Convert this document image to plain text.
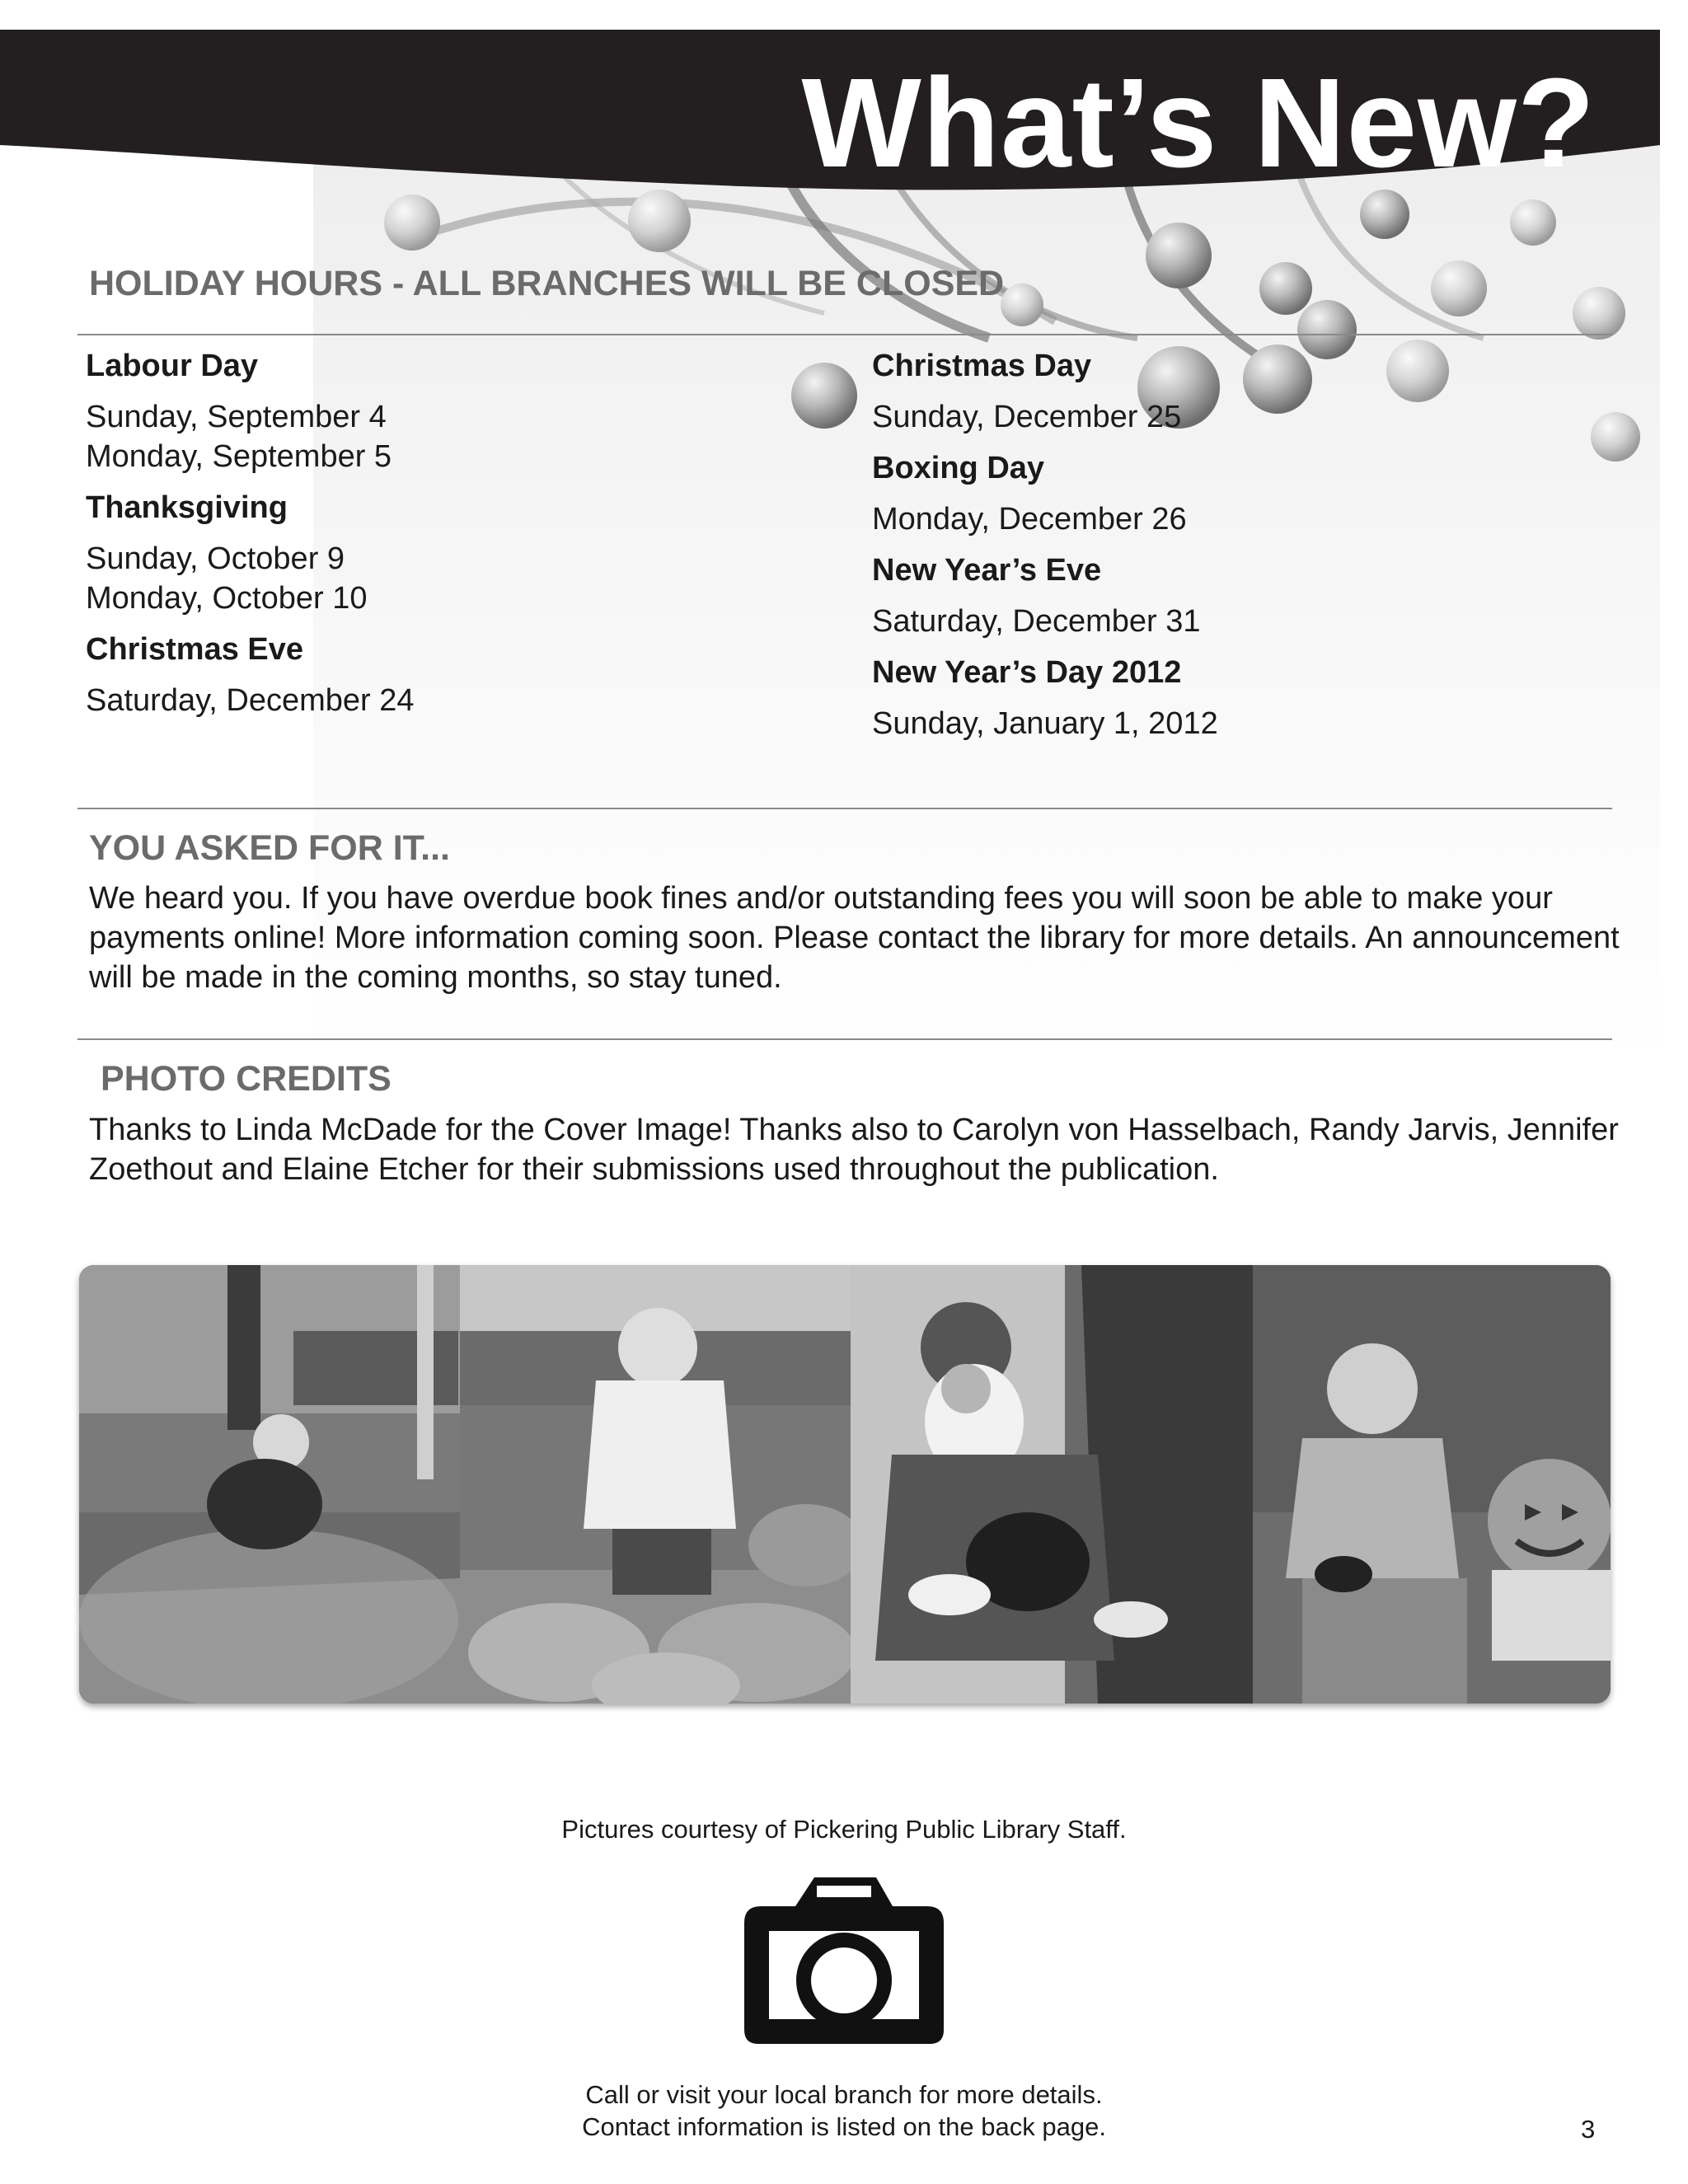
What’s New?
HOLIDAY HOURS - ALL BRANCHES WILL BE CLOSED
Labour Day
Sunday, September 4
Monday, September 5
Thanksgiving
Sunday, October 9
Monday, October 10
Christmas Eve
Saturday, December 24
Christmas Day
Sunday, December 25
Boxing Day
Monday, December 26
New Year’s Eve
Saturday, December 31
New Year’s Day 2012
Sunday, January 1, 2012
YOU ASKED FOR IT...
We heard you. If you have overdue book fines and/or outstanding fees you will soon be able to make your payments online! More information coming soon. Please contact the library for more details. An announcement will be made in the coming months, so stay tuned.
PHOTO CREDITS
Thanks to Linda McDade for the Cover Image! Thanks also to Carolyn von Hasselbach, Randy Jarvis, Jennifer Zoethout and Elaine Etcher for their submissions used throughout the publication.
Pictures courtesy of Pickering Public Library Staff.
Call or visit your local branch for more details.
Contact information is listed on the back page.	3
